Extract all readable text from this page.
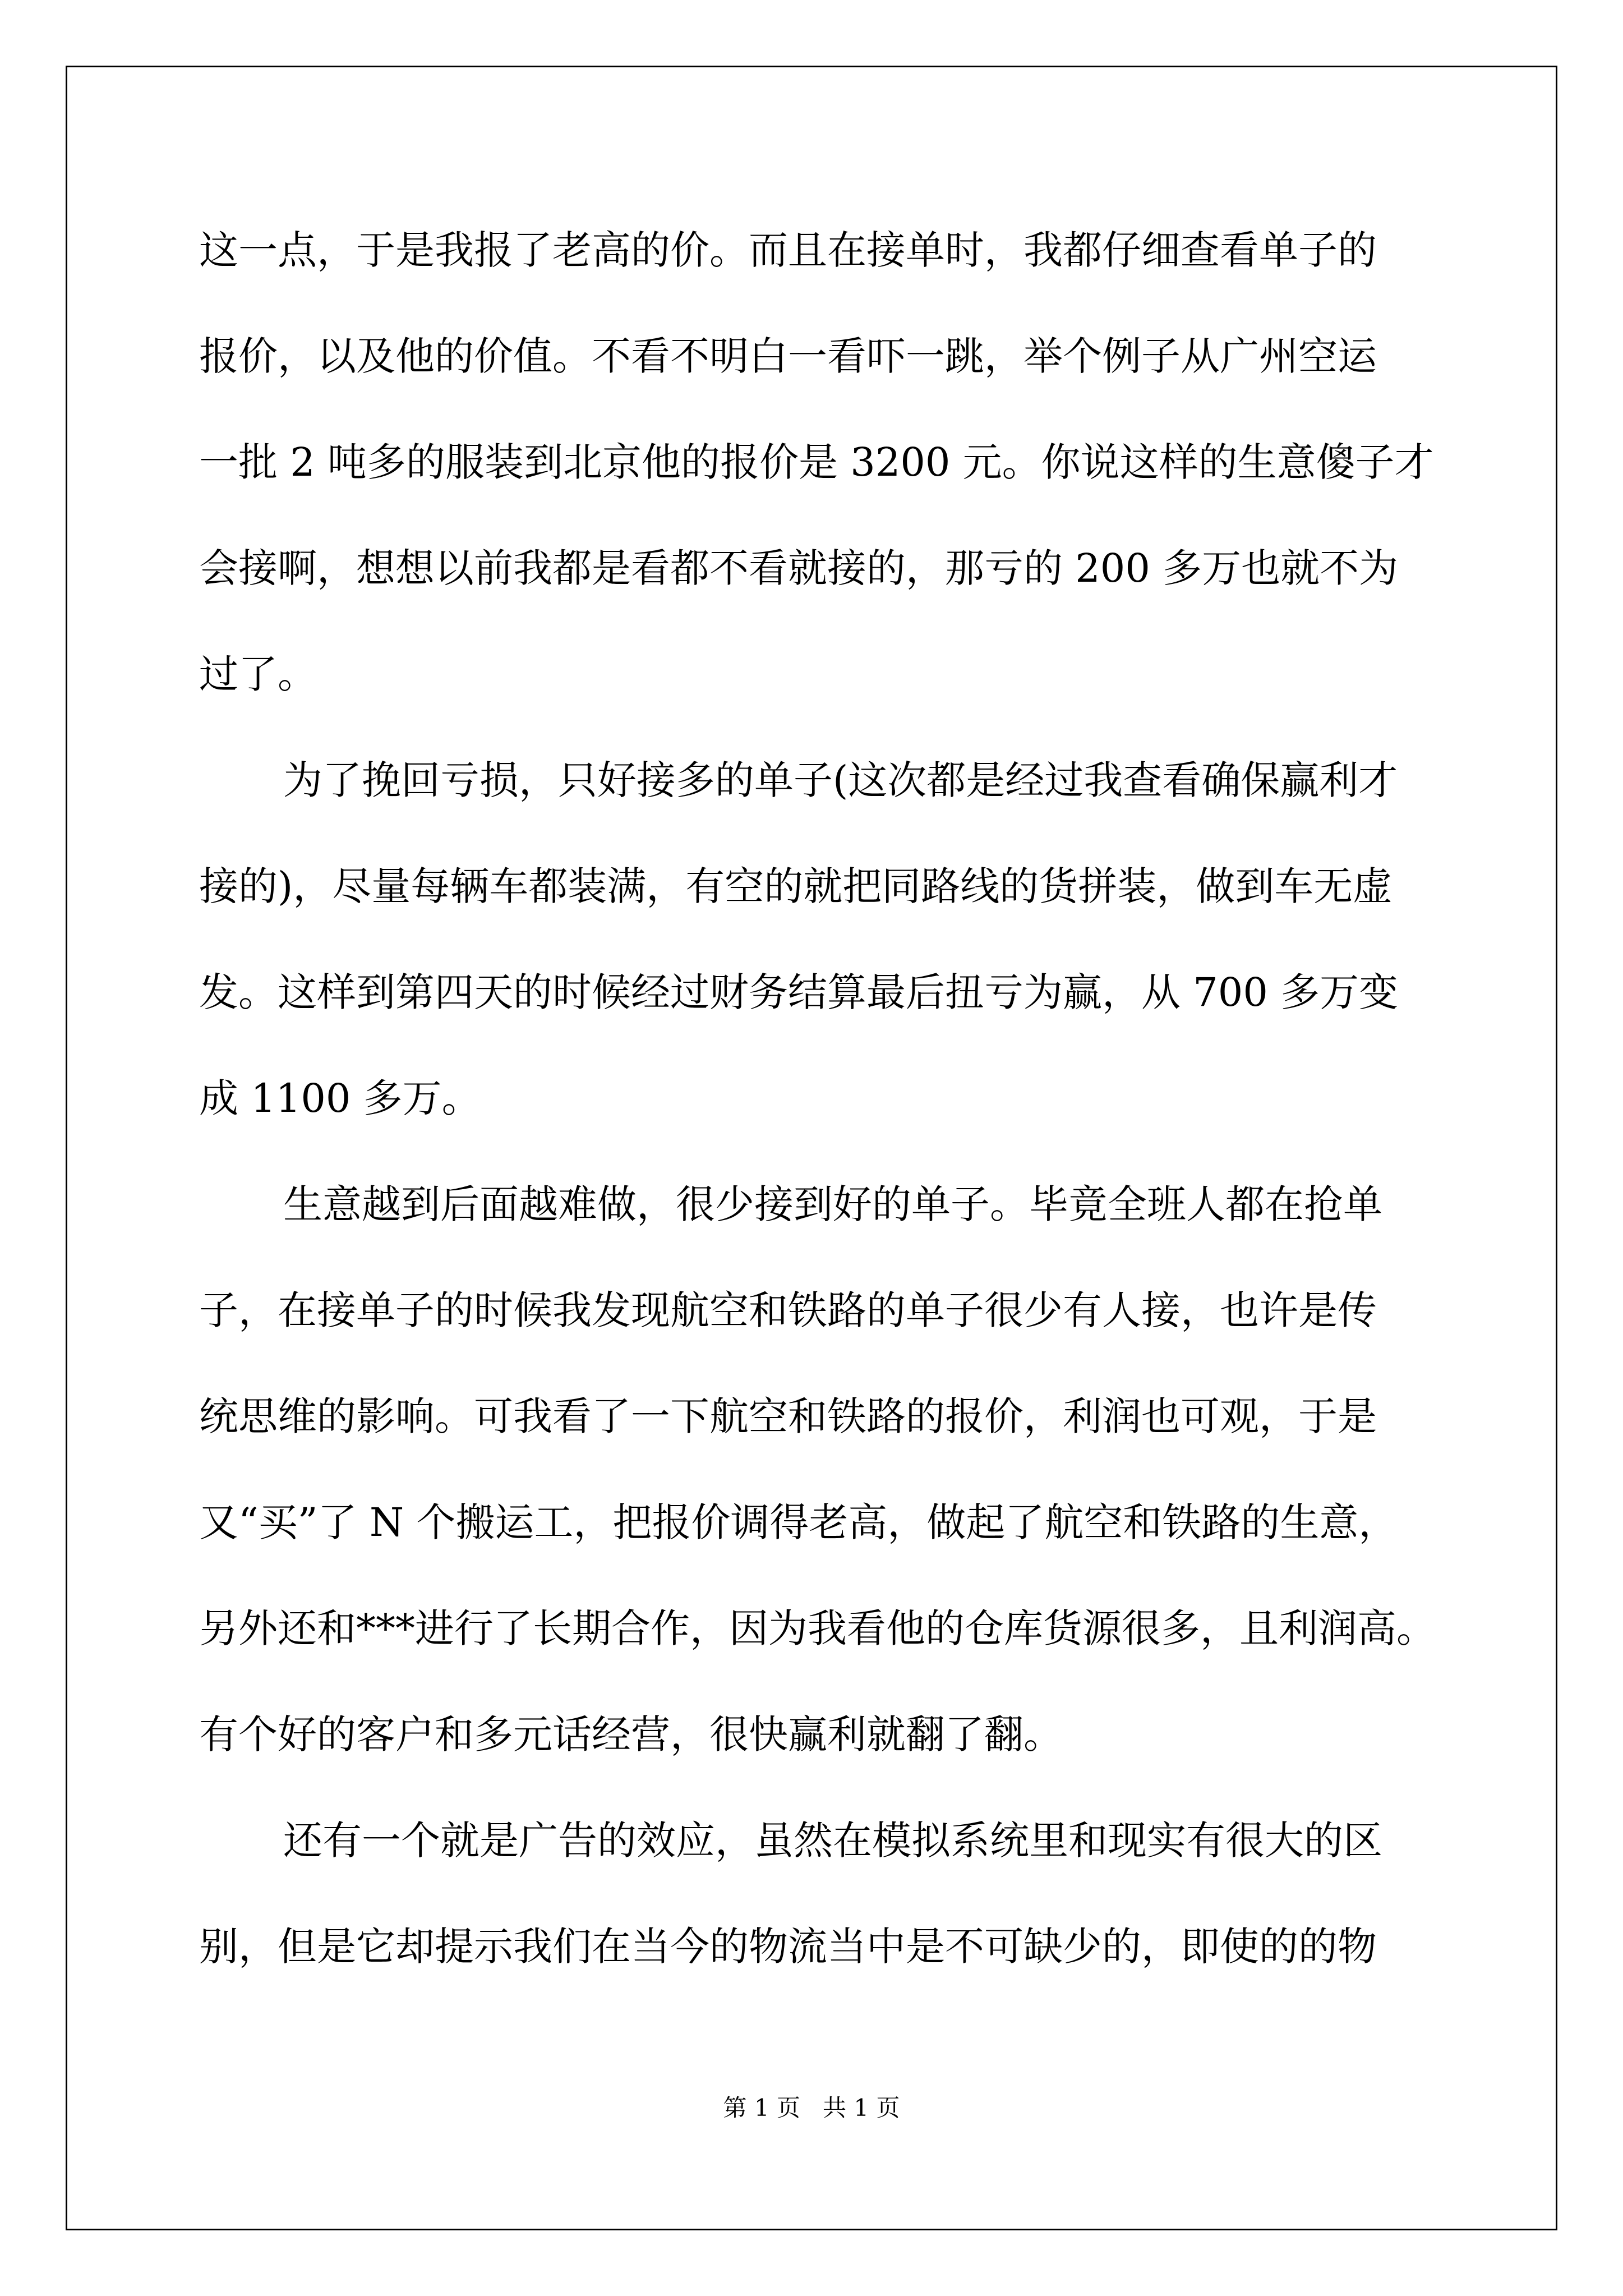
这一点，于是我报了老高的价。而且在接单时，我都仔细查看单子的
报价，以及他的价值。不看不明白一看吓一跳，举个例子从广州空运
一批 2 吨多的服装到北京他的报价是 3200 元。你说这样的生意傻子才
会接啊，想想以前我都是看都不看就接的，那亏的 200 多万也就不为
过了。
为了挽回亏损，只好接多的单子(这次都是经过我查看确保赢利才
接的)，尽量每辆车都装满，有空的就把同路线的货拼装，做到车无虚
发。这样到第四天的时候经过财务结算最后扭亏为赢，从 700 多万变
成 1100 多万。
生意越到后面越难做，很少接到好的单子。毕竟全班人都在抢单
子，在接单子的时候我发现航空和铁路的单子很少有人接，也许是传
统思维的影响。可我看了一下航空和铁路的报价，利润也可观，于是
又“买”了 N 个搬运工，把报价调得老高，做起了航空和铁路的生意，
另外还和***进行了长期合作，因为我看他的仓库货源很多，且利润高。
有个好的客户和多元话经营，很快赢利就翻了翻。
还有一个就是广告的效应，虽然在模拟系统里和现实有很大的区
别，但是它却提示我们在当今的物流当中是不可缺少的，即使的的物
第 1 页   共 1 页
